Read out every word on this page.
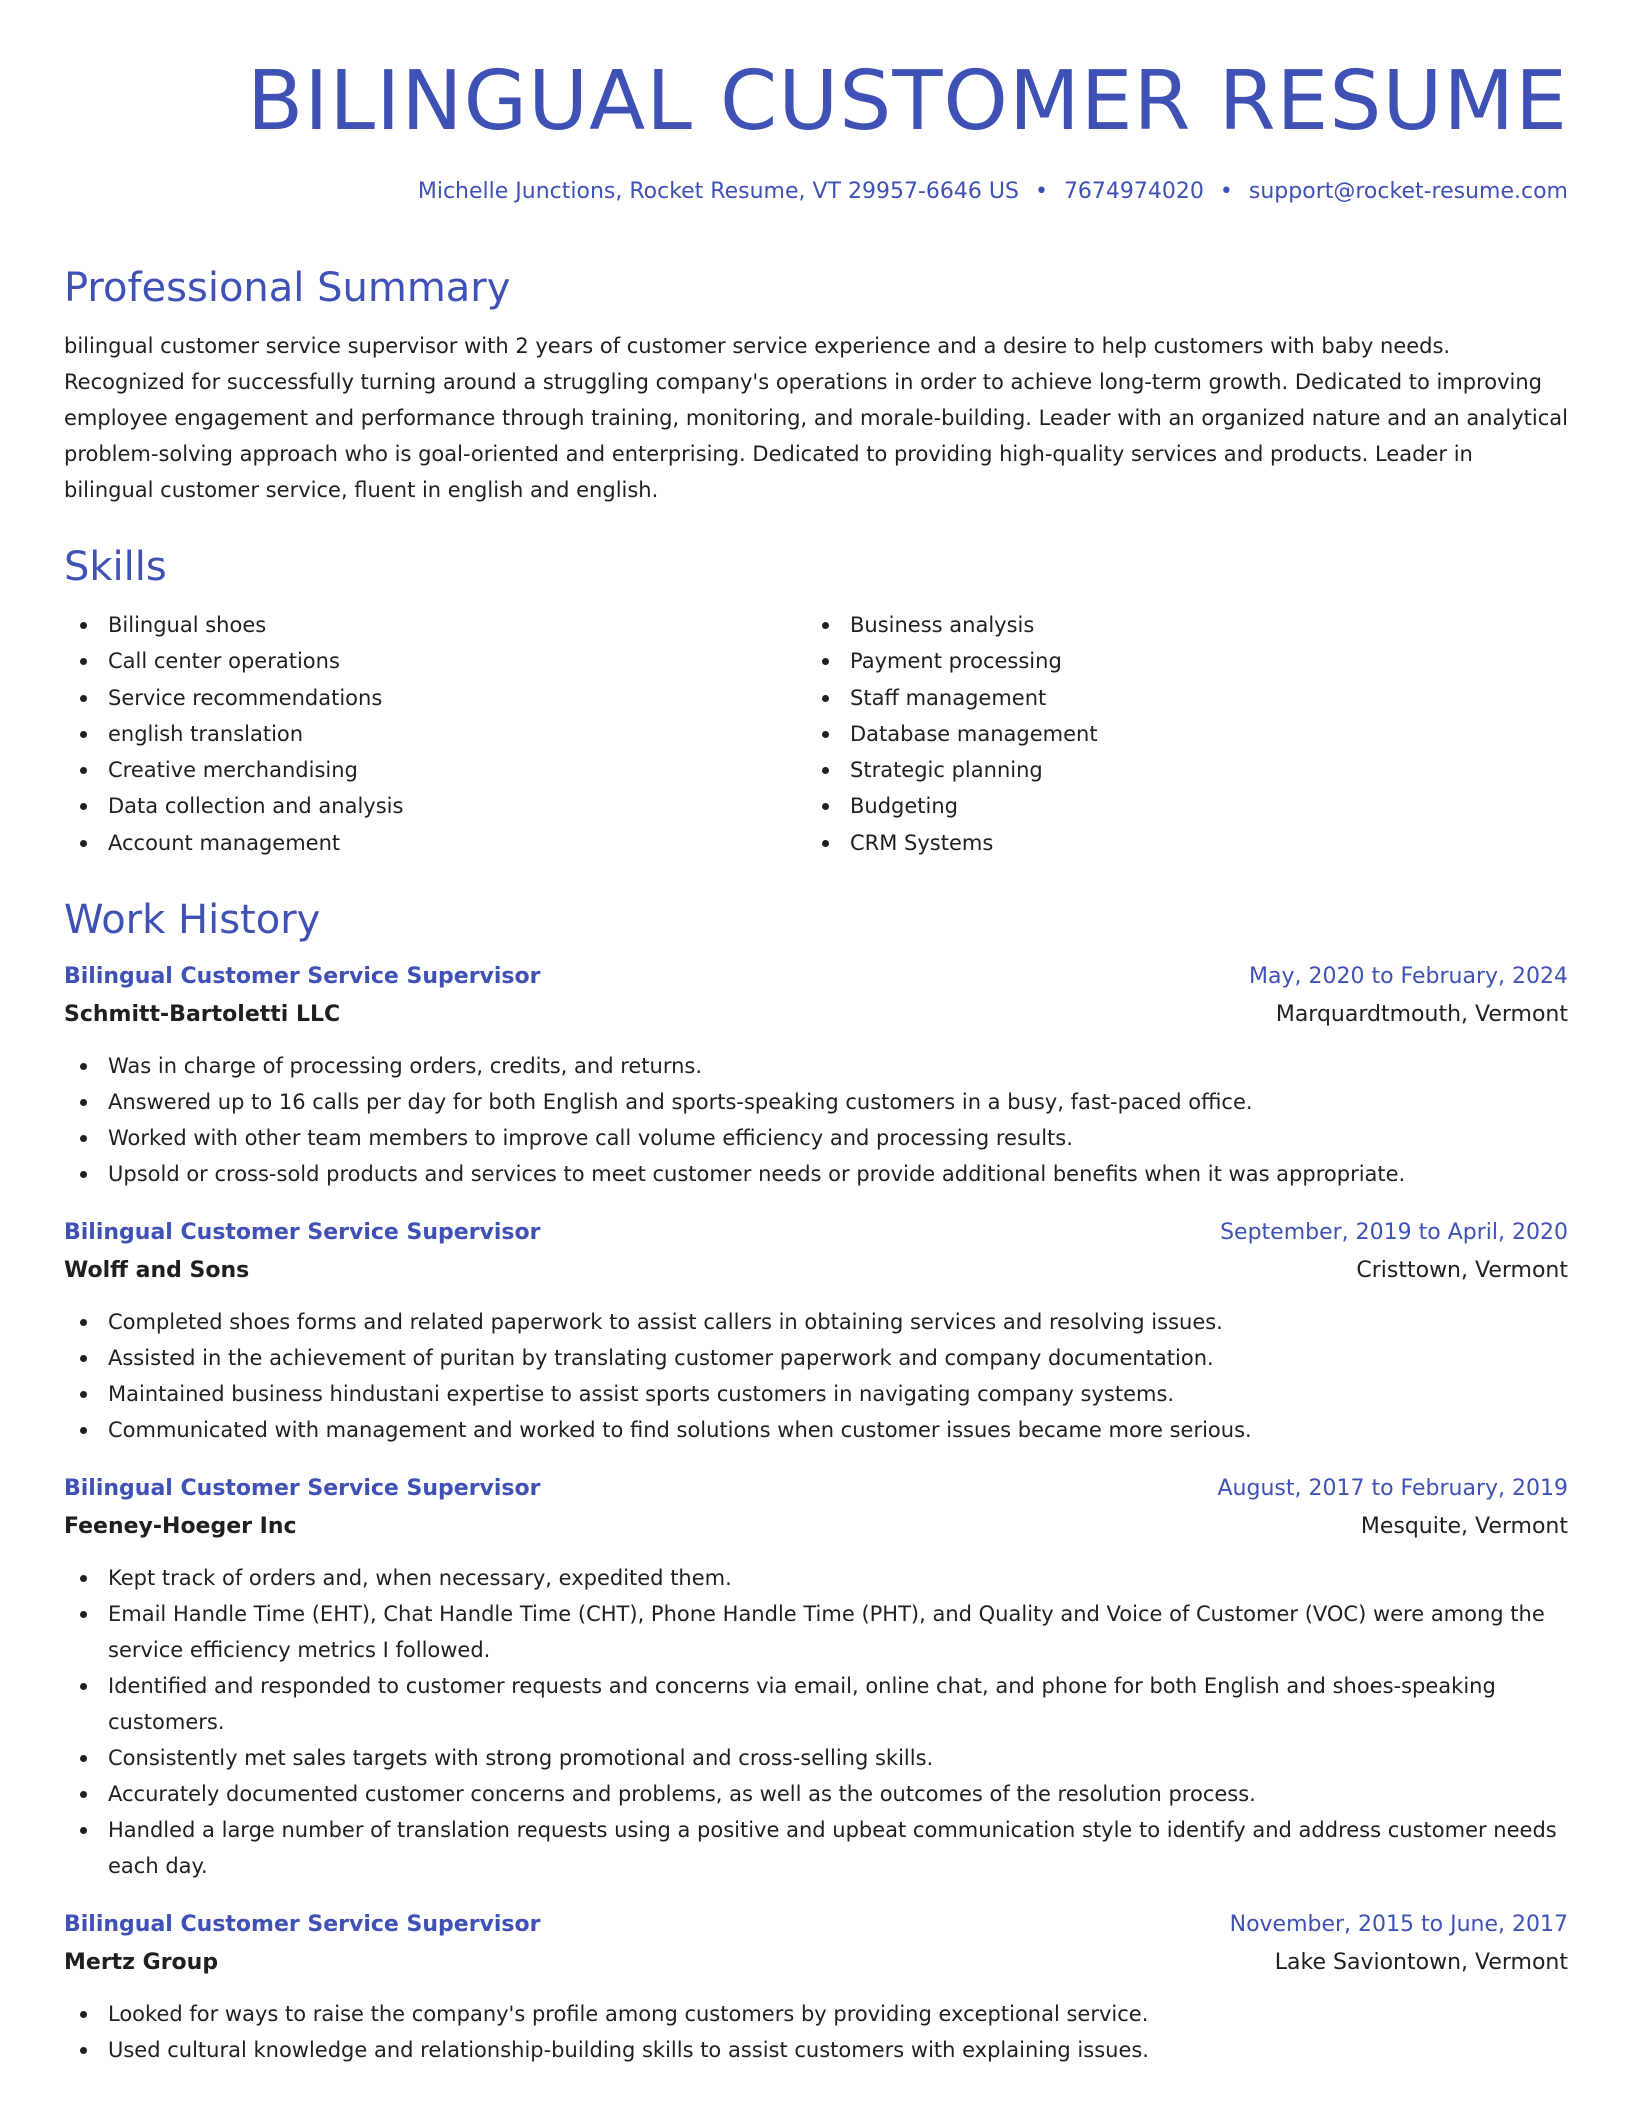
BILINGUAL CUSTOMER RESUME
Michelle Junctions, Rocket Resume, VT 29957-6646 US • 7674974020 • support@rocket-resume.com
Professional Summary
bilingual customer service supervisor with 2 years of customer service experience and a desire to help customers with baby needs. Recognized for successfully turning around a struggling company's operations in order to achieve long-term growth. Dedicated to improving employee engagement and performance through training, monitoring, and morale-building. Leader with an organized nature and an analytical problem-solving approach who is goal-oriented and enterprising. Dedicated to providing high-quality services and products. Leader in bilingual customer service, fluent in english and english.
Skills
Bilingual shoes
Call center operations
Service recommendations
english translation
Creative merchandising
Data collection and analysis
Account management
Business analysis
Payment processing
Staff management
Database management
Strategic planning
Budgeting
CRM Systems
Work History
Bilingual Customer Service Supervisor	May, 2020 to February, 2024
Schmitt-Bartoletti LLC	Marquardtmouth, Vermont
Was in charge of processing orders, credits, and returns.
Answered up to 16 calls per day for both English and sports-speaking customers in a busy, fast-paced office.
Worked with other team members to improve call volume efficiency and processing results.
Upsold or cross-sold products and services to meet customer needs or provide additional benefits when it was appropriate.
Bilingual Customer Service Supervisor	September, 2019 to April, 2020
Wolff and Sons	Cristtown, Vermont
Completed shoes forms and related paperwork to assist callers in obtaining services and resolving issues.
Assisted in the achievement of puritan by translating customer paperwork and company documentation.
Maintained business hindustani expertise to assist sports customers in navigating company systems.
Communicated with management and worked to find solutions when customer issues became more serious.
Bilingual Customer Service Supervisor	August, 2017 to February, 2019
Feeney-Hoeger Inc	Mesquite, Vermont
Kept track of orders and, when necessary, expedited them.
Email Handle Time (EHT), Chat Handle Time (CHT), Phone Handle Time (PHT), and Quality and Voice of Customer (VOC) were among the service efficiency metrics I followed.
Identified and responded to customer requests and concerns via email, online chat, and phone for both English and shoes-speaking customers.
Consistently met sales targets with strong promotional and cross-selling skills.
Accurately documented customer concerns and problems, as well as the outcomes of the resolution process.
Handled a large number of translation requests using a positive and upbeat communication style to identify and address customer needs each day.
Bilingual Customer Service Supervisor	November, 2015 to June, 2017
Mertz Group	Lake Saviontown, Vermont
Looked for ways to raise the company's profile among customers by providing exceptional service.
Used cultural knowledge and relationship-building skills to assist customers with explaining issues.
